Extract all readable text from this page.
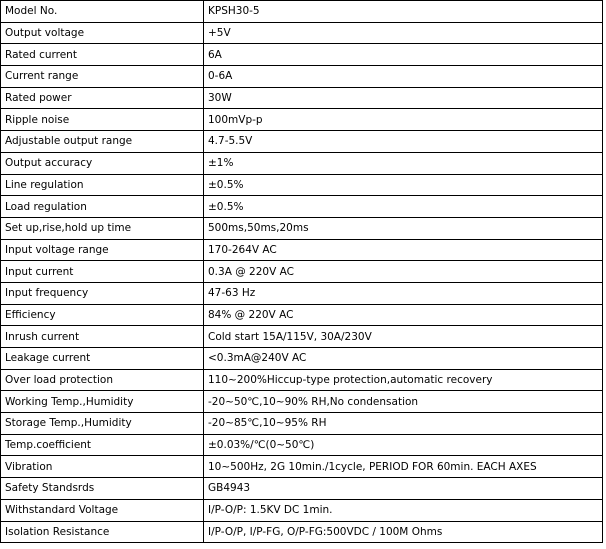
Model No.	KPSH30-5
Output voltage	+5V
Rated current	6A
Current range	0-6A
Rated power	30W
Ripple noise	100mVp-p
Adjustable output range	4.7-5.5V
Output accuracy	±1%
Line regulation	±0.5%
Load regulation	±0.5%
Set up,rise,hold up time	500ms,50ms,20ms
Input voltage range	170-264V AC
Input current	0.3A @ 220V AC
Input frequency	47-63 Hz
Efficiency	84% @ 220V AC
Inrush current	Cold start 15A/115V, 30A/230V
Leakage current	<0.3mA@240V AC
Over load protection	110~200%Hiccup-type protection,automatic recovery
Working Temp.,Humidity	-20~50℃,10~90% RH,No condensation
Storage Temp.,Humidity	-20~85℃,10~95% RH
Temp.coefficient	±0.03%/℃(0~50℃)
Vibration	10~500Hz, 2G 10min./1cycle, PERIOD FOR 60min. EACH AXES
Safety Standsrds	GB4943
Withstandard Voltage	I/P-O/P: 1.5KV DC 1min.
Isolation Resistance	I/P-O/P, I/P-FG, O/P-FG:500VDC / 100M Ohms
